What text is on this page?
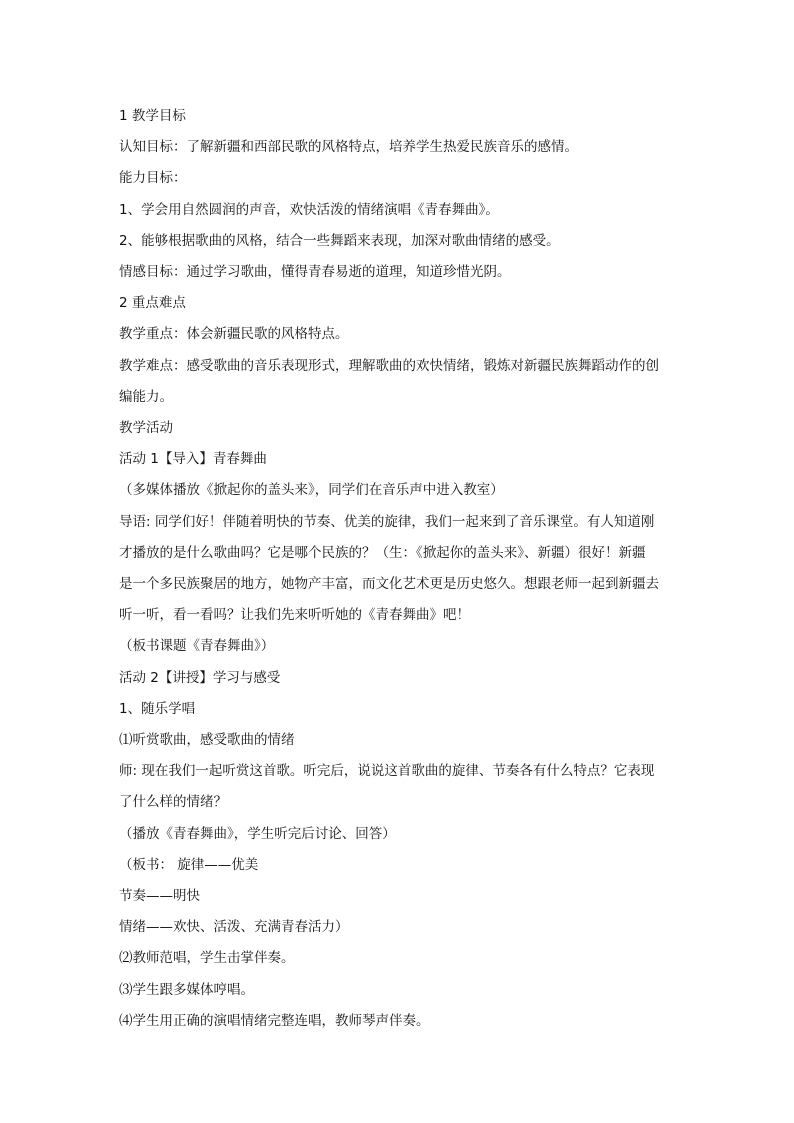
1 教学目标
认知目标：了解新疆和西部民歌的风格特点，培养学生热爱民族音乐的感情。
能力目标：
1、学会用自然圆润的声音，欢快活泼的情绪演唱《青春舞曲》。
2、能够根据歌曲的风格，结合一些舞蹈来表现，加深对歌曲情绪的感受。
情感目标：通过学习歌曲，懂得青春易逝的道理，知道珍惜光阴。
2 重点难点
教学重点：体会新疆民歌的风格特点。
教学难点：感受歌曲的音乐表现形式，理解歌曲的欢快情绪，锻炼对新疆民族舞蹈动作的创
编能力。
教学活动
活动 1【导入】青春舞曲
（多媒体播放《掀起你的盖头来》，同学们在音乐声中进入教室）
导语: 同学们好！伴随着明快的节奏、优美的旋律，我们一起来到了音乐课堂。有人知道刚
才播放的是什么歌曲吗？它是哪个民族的？（生：《掀起你的盖头来》、新疆）很好！新疆
是一个多民族聚居的地方，她物产丰富，而文化艺术更是历史悠久。想跟老师一起到新疆去
听一听，看一看吗？让我们先来听听她的《青春舞曲》吧！
（板书课题《青春舞曲》）
活动 2【讲授】学习与感受
1、随乐学唱
⑴听赏歌曲，感受歌曲的情绪
师: 现在我们一起听赏这首歌。听完后，说说这首歌曲的旋律、节奏各有什么特点？它表现
了什么样的情绪？
（播放《青春舞曲》，学生听完后讨论、回答）
（板书： 旋律——优美
节奏——明快
情绪——欢快、活泼、充满青春活力）
⑵教师范唱，学生击掌伴奏。
⑶学生跟多媒体哼唱。
⑷学生用正确的演唱情绪完整连唱，教师琴声伴奏。
